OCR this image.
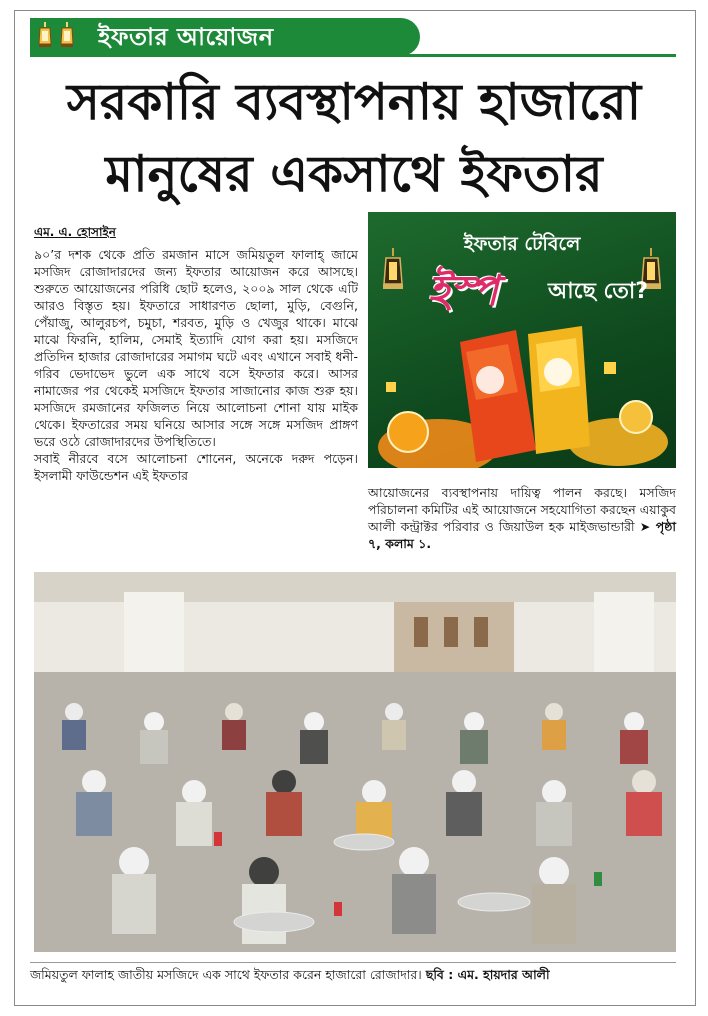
ইফতার আয়োজন
সরকারি ব্যবস্থাপনায় হাজারো
মানুষের একসাথে ইফতার
এম. এ. হোসাইন

৯০’র দশক থেকে প্রতি রমজান মাসে জমিয়তুল ফালাহ্ জামে মসজিদ রোজাদারদের জন্য ইফতার আয়োজন করে আসছে। শুরুতে আয়োজনের পরিধি ছোট হলেও, ২০০৯ সাল থেকে এটি আরও বিস্তৃত হয়। ইফতারে সাধারণত ছোলা, মুড়ি, বেগুনি, পেঁয়াজু, আলুরচপ, চমুচা, শরবত, মুড়ি ও খেজুর থাকে। মাঝে মাঝে ফিরনি, হালিম, সেমাই ইত্যাদি যোগ করা হয়। মসজিদে প্রতিদিন হাজার রোজাদারের সমাগম ঘটে এবং এখানে সবাই ধনী-গরিব ভেদাভেদ ভুলে এক সাথে বসে ইফতার করে। আসর নামাজের পর থেকেই মসজিদে ইফতার সাজানোর কাজ শুরু হয়। মসজিদে রমজানের ফজিলত নিয়ে আলোচনা শোনা যায় মাইক থেকে। ইফতারের সময় ঘনিয়ে আসার সঙ্গে সঙ্গে মসজিদ প্রাঙ্গণ ভরে ওঠে রোজাদারদের উপস্থিতিতে।

সবাই নীরবে বসে আলোচনা শোনেন, অনেকে দরুদ পড়েন। ইসলামী ফাউন্ডেশন এই ইফতার

ইফতার টেবিলে
ইস্প আছে তো?
আয়োজনের ব্যবস্থাপনায় দায়িত্ব পালন করছে। মসজিদ পরিচালনা কমিটির এই আয়োজনে সহযোগিতা করছেন এয়াকুব আলী কন্ট্রাক্টর পরিবার ও জিয়াউল হক মাইজভান্ডারী ➤ পৃষ্ঠা ৭, কলাম ১.
জমিয়তুল ফালাহ জাতীয় মসজিদে এক সাথে ইফতার করেন হাজারো রোজাদার। ছবি : এম. হায়দার আলী
